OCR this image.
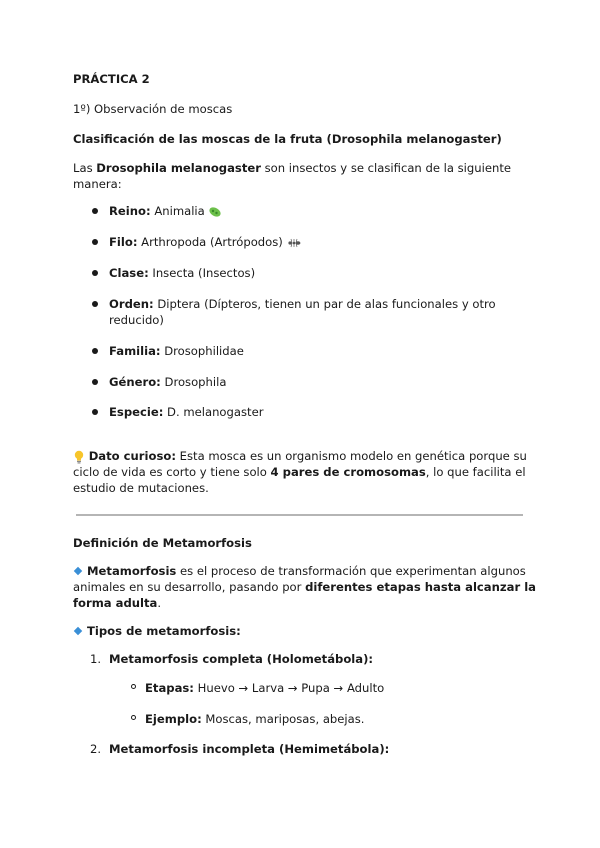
PRÁCTICA 2
1º) Observación de moscas
Clasificación de las moscas de la fruta (Drosophila melanogaster)
Las Drosophila melanogaster son insectos y se clasifican de la siguiente
manera:
Reino: Animalia
Filo: Arthropoda (Artrópodos)
Clase: Insecta (Insectos)
Orden: Diptera (Dípteros, tienen un par de alas funcionales y otro
reducido)
Familia: Drosophilidae
Género: Drosophila
Especie: D. melanogaster
Dato curioso: Esta mosca es un organismo modelo en genética porque su
ciclo de vida es corto y tiene solo 4 pares de cromosomas, lo que facilita el
estudio de mutaciones.
Definición de Metamorfosis
Metamorfosis es el proceso de transformación que experimentan algunos
animales en su desarrollo, pasando por diferentes etapas hasta alcanzar la
forma adulta.
Tipos de metamorfosis:
1. Metamorfosis completa (Holometábola):
Etapas: Huevo → Larva → Pupa → Adulto
Ejemplo: Moscas, mariposas, abejas.
2. Metamorfosis incompleta (Hemimetábola):
